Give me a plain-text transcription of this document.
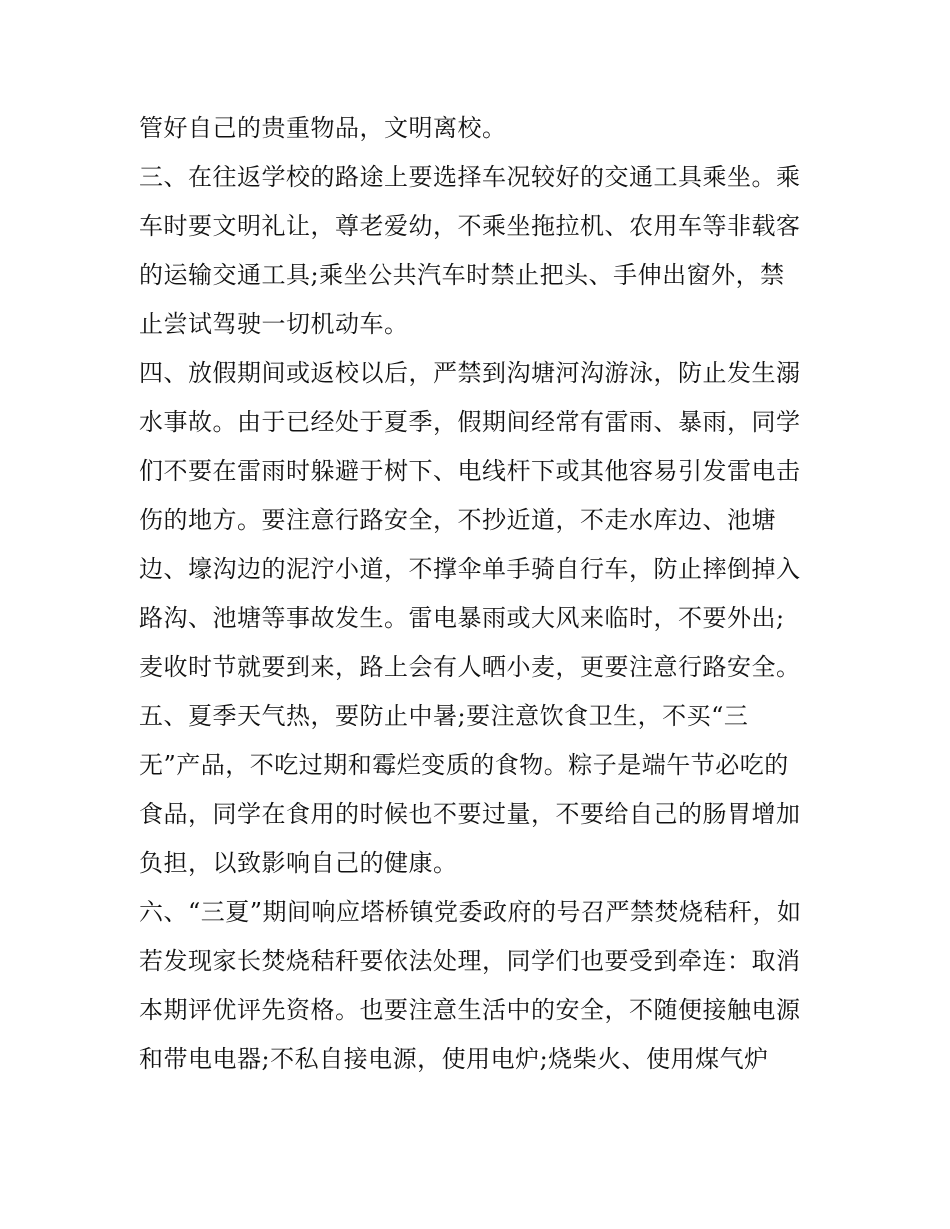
管好自己的贵重物品，文明离校。
三、在往返学校的路途上要选择车况较好的交通工具乘坐。乘
车时要文明礼让，尊老爱幼，不乘坐拖拉机、农用车等非载客
的运输交通工具;乘坐公共汽车时禁止把头、手伸出窗外，禁
止尝试驾驶一切机动车。
四、放假期间或返校以后，严禁到沟塘河沟游泳，防止发生溺
水事故。由于已经处于夏季，假期间经常有雷雨、暴雨，同学
们不要在雷雨时躲避于树下、电线杆下或其他容易引发雷电击
伤的地方。要注意行路安全，不抄近道，不走水库边、池塘
边、壕沟边的泥泞小道，不撑伞单手骑自行车，防止摔倒掉入
路沟、池塘等事故发生。雷电暴雨或大风来临时，不要外出;
麦收时节就要到来，路上会有人晒小麦，更要注意行路安全。
五、夏季天气热，要防止中暑;要注意饮食卫生，不买“三
无”产品，不吃过期和霉烂变质的食物。粽子是端午节必吃的
食品，同学在食用的时候也不要过量，不要给自己的肠胃增加
负担，以致影响自己的健康。
六、“三夏”期间响应塔桥镇党委政府的号召严禁焚烧秸秆，如
若发现家长焚烧秸秆要依法处理，同学们也要受到牵连：取消
本期评优评先资格。也要注意生活中的安全，不随便接触电源
和带电电器;不私自接电源，使用电炉;烧柴火、使用煤气炉
